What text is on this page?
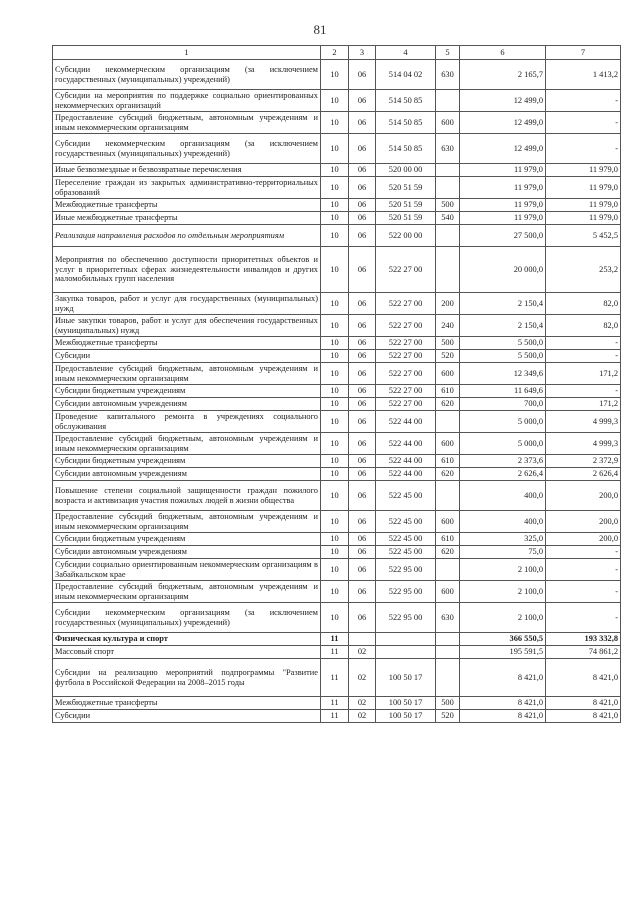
81
1	2	3	4	5	6	7
Субсидии некоммерческим организациям (за исключением государственных (муниципальных) учреждений)	10	06	514 04 02	630	2 165,7	1 413,2
Субсидии на мероприятия по поддержке социально ориентированных некоммерческих организаций	10	06	514 50 85		12 499,0	-
Предоставление субсидий бюджетным, автономным учреждениям и иным некоммерческим организациям	10	06	514 50 85	600	12 499,0	-
Субсидии некоммерческим организациям (за исключением государственных (муниципальных) учреждений)	10	06	514 50 85	630	12 499,0	-
Иные безвозмездные и безвозвратные перечисления	10	06	520 00 00		11 979,0	11 979,0
Переселение граждан из закрытых административно-территориальных образований	10	06	520 51 59		11 979,0	11 979,0
Межбюджетные трансферты	10	06	520 51 59	500	11 979,0	11 979,0
Иные межбюджетные трансферты	10	06	520 51 59	540	11 979,0	11 979,0
Реализация направления расходов по отдельным мероприятиям	10	06	522 00 00		27 500,0	5 452,5
Мероприятия по обеспечению доступности приоритетных объектов и услуг в приоритетных сферах жизнедеятельности инвалидов и других маломобильных групп населения	10	06	522 27 00		20 000,0	253,2
Закупка товаров, работ и услуг для государственных (муниципальных) нужд	10	06	522 27 00	200	2 150,4	82,0
Иные закупки товаров, работ и услуг для обеспечения государственных (муниципальных) нужд	10	06	522 27 00	240	2 150,4	82,0
Межбюджетные трансферты	10	06	522 27 00	500	5 500,0	-
Субсидии	10	06	522 27 00	520	5 500,0	-
Предоставление субсидий бюджетным, автономным учреждениям и иным некоммерческим организациям	10	06	522 27 00	600	12 349,6	171,2
Субсидии бюджетным учреждениям	10	06	522 27 00	610	11 649,6	-
Субсидии автономным учреждениям	10	06	522 27 00	620	700,0	171,2
Проведение капитального ремонта в учреждениях социального обслуживания	10	06	522 44 00		5 000,0	4 999,3
Предоставление субсидий бюджетным, автономным учреждениям и иным некоммерческим организациям	10	06	522 44 00	600	5 000,0	4 999,3
Субсидии бюджетным учреждениям	10	06	522 44 00	610	2 373,6	2 372,9
Субсидии автономным учреждениям	10	06	522 44 00	620	2 626,4	2 626,4
Повышение степени социальной защищенности граждан пожилого возраста и активизация участия пожилых людей в жизни общества	10	06	522 45 00		400,0	200,0
Предоставление субсидий бюджетным, автономным учреждениям и иным некоммерческим организациям	10	06	522 45 00	600	400,0	200,0
Субсидии бюджетным учреждениям	10	06	522 45 00	610	325,0	200,0
Субсидии автономным учреждениям	10	06	522 45 00	620	75,0	-
Субсидии социально ориентированным некоммерческим организациям в Забайкальском крае	10	06	522 95 00		2 100,0	-
Предоставление субсидий бюджетным, автономным учреждениям и иным некоммерческим организациям	10	06	522 95 00	600	2 100,0	-
Субсидии некоммерческим организациям (за исключением государственных (муниципальных) учреждений)	10	06	522 95 00	630	2 100,0	-
Физическая культура и спорт	11				366 550,5	193 332,8
Массовый спорт	11	02			195 591,5	74 861,2
Субсидии на реализацию мероприятий подпрограммы "Развитие футбола в Российской Федерации на 2008–2015 годы	11	02	100 50 17		8 421,0	8 421,0
Межбюджетные трансферты	11	02	100 50 17	500	8 421,0	8 421,0
Субсидии	11	02	100 50 17	520	8 421,0	8 421,0
